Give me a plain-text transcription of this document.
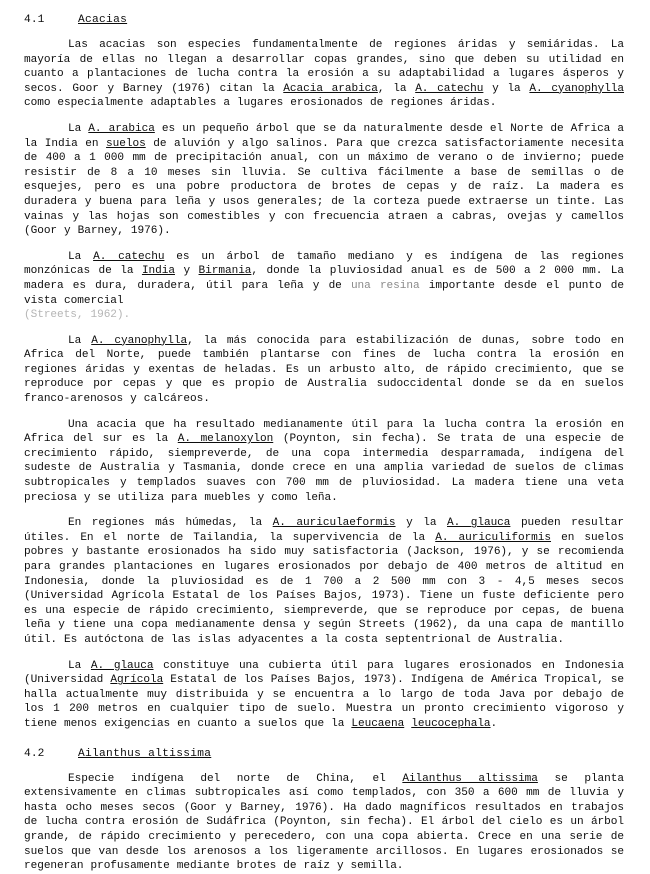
4.1	Acacias

Las acacias son especies fundamentalmente de regiones áridas y semiáridas. La mayoría de ellas no llegan a desarrollar copas grandes, sino que deben su utilidad en cuanto a plantaciones de lucha contra la erosión a su adaptabilidad a lugares ásperos y secos. Goor y Barney (1976) citan la Acacia arabica, la A. catechu y la A. cyanophylla como especialmente adaptables a lugares erosionados de regiones áridas.

La A. arabica es un pequeño árbol que se da naturalmente desde el Norte de Africa a la India en suelos de aluvión y algo salinos. Para que crezca satisfactoriamente necesita de 400 a 1 000 mm de precipitación anual, con un máximo de verano o de invierno; puede resistir de 8 a 10 meses sin lluvia. Se cultiva fácilmente a base de semillas o de esquejes, pero es una pobre productora de brotes de cepas y de raíz. La madera es duradera y buena para leña y usos generales; de la corteza puede extraerse un tinte. Las vainas y las hojas son comestibles y con frecuencia atraen a cabras, ovejas y camellos (Goor y Barney, 1976).

La A. catechu es un árbol de tamaño mediano y es indígena de las regiones monzónicas de la India y Birmania, donde la pluviosidad anual es de 500 a 2 000 mm. La madera es dura, duradera, útil para leña y de una resina importante desde el punto de vista comercial
(Streets, 1962).

La A. cyanophylla, la más conocida para estabilización de dunas, sobre todo en Africa del Norte, puede también plantarse con fines de lucha contra la erosión en regiones áridas y exentas de heladas. Es un arbusto alto, de rápido crecimiento, que se reproduce por cepas y que es propio de Australia sudoccidental donde se da en suelos franco-arenosos y calcáreos.

Una acacia que ha resultado medianamente útil para la lucha contra la erosión en Africa del sur es la A. melanoxylon (Poynton, sin fecha). Se trata de una especie de crecimiento rápido, siempreverde, de una copa intermedia desparramada, indígena del sudeste de Australia y Tasmania, donde crece en una amplia variedad de suelos de climas subtropicales y templados suaves con 700 mm de pluviosidad. La madera tiene una veta preciosa y se utiliza para muebles y como leña.

En regiones más húmedas, la A. auriculaeformis y la A. glauca pueden resultar útiles. En el norte de Tailandia, la supervivencia de la A. auriculiformis en suelos pobres y bastante erosionados ha sido muy satisfactoria (Jackson, 1976), y se recomienda para grandes plantaciones en lugares erosionados por debajo de 400 metros de altitud en Indonesia, donde la pluviosidad es de 1 700 a 2 500 mm con 3 - 4,5 meses secos (Universidad Agrícola Estatal de los Países Bajos, 1973). Tiene un fuste deficiente pero es una especie de rápido crecimiento, siempreverde, que se reproduce por cepas, de buena leña y tiene una copa medianamente densa y según Streets (1962), da una capa de mantillo útil. Es autóctona de las islas adyacentes a la costa septentrional de Australia.

La A. glauca constituye una cubierta útil para lugares erosionados en Indonesia (Universidad Agrícola Estatal de los Países Bajos, 1973). Indígena de América Tropical, se halla actualmente muy distribuida y se encuentra a lo largo de toda Java por debajo de los 1 200 metros en cualquier tipo de suelo. Muestra un pronto crecimiento vigoroso y tiene menos exigencias en cuanto a suelos que la Leucaena leucocephala.

4.2	Ailanthus altissima

Especie indígena del norte de China, el Ailanthus altissima se planta extensivamente en climas subtropicales así como templados, con 350 a 600 mm de lluvia y hasta ocho meses secos (Goor y Barney, 1976). Ha dado magníficos resultados en trabajos de lucha contra erosión de Sudáfrica (Poynton, sin fecha). El árbol del cielo es un árbol grande, de rápido crecimiento y perecedero, con una copa abierta. Crece en una serie de suelos que van desde los arenosos a los ligeramente arcillosos. En lugares erosionados se regeneran profusamente mediante brotes de raíz y semilla.
